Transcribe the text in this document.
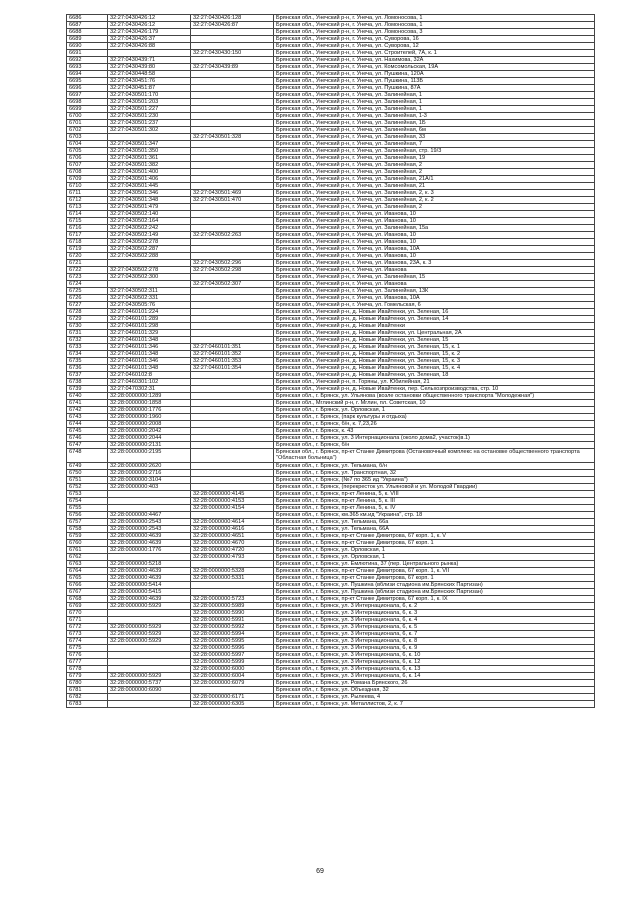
6686	32:27:0430426:12	32:27:0430426:128	Брянская обл., Унечский р-н, г. Унеча, ул. Ломоносова, 1
6687	32:27:0430426:12	32:27:0430426:87	Брянская обл., Унечский р-н, г. Унеча, ул. Ломоносова, 1
6688	32:27:0430426:179		Брянская обл., Унечский р-н, г. Унеча, ул. Ломоносова, 3
6689	32:27:0430426:37		Брянская обл., Унечский р-н, г. Унеча, ул. Суворова, 16
6690	32:27:0430426:88		Брянская обл., Унечский р-н, г. Унеча, ул. Суворова, 12
6691		32:27:0430430:150	Брянская обл., Унечский р-н, г. Унеча, ул. Строителей, 7А, к. 1
6692	32:27:0430439:71		Брянская обл., Унечский р-н, г. Унеча, ул. Нахимова, 32А
6693	32:27:0430439:80	32:27:0430439:89	Брянская обл., Унечский р-н, г. Унеча, ул. Комсомольская, 19А
6694	32:27:0430448:58		Брянская обл., Унечский р-н, г. Унеча, ул. Пушкина, 120А
6695	32:27:0430451:76		Брянская обл., Унечский р-н, г. Унеча, ул. Пушкина, 113Б
6696	32:27:0430451:87		Брянская обл., Унечский р-н, г. Унеча, ул. Пушкина, 87А
6697	32:27:0430501:170		Брянская обл., Унечский р-н, г. Унеча, ул. Залинейная, 1
6698	32:27:0430501:203		Брянская обл., Унечский р-н, г. Унеча, ул. Залинейная, 1
6699	32:27:0430501:227		Брянская обл., Унечский р-н, г. Унеча, ул. Залинейная, 1
6700	32:27:0430501:230		Брянская обл., Унечский р-н, г. Унеча, ул. Залинейная, 1-3
6701	32:27:0430501:237		Брянская обл., Унечский р-н, г. Унеча, ул. Залинейная, 1Б
6702	32:27:0430501:302		Брянская обл., Унечский р-н, г. Унеча, ул. Залинейная, 6м
6703		32:27:0430501:328	Брянская обл., Унечский р-н, г. Унеча, ул. Залинейная, 33
6704	32:27:0430501:347		Брянская обл., Унечский р-н, г. Унеча, ул. Залинейная, 7
6705	32:27:0430501:350		Брянская обл., Унечский р-н, г. Унеча, ул. Залинейная, стр. 19/3
6706	32:27:0430501:361		Брянская обл., Унечский р-н, г. Унеча, ул. Залинейная, 19
6707	32:27:0430501:382		Брянская обл., Унечский р-н, г. Унеча, ул. Залинейная, 2
6708	32:27:0430501:400		Брянская обл., Унечский р-н, г. Унеча, ул. Залинейная, 2
6709	32:27:0430501:406		Брянская обл., Унечский р-н, г. Унеча, ул. Залинейная, 21А/1
6710	32:27:0430501:445		Брянская обл., Унечский р-н, г. Унеча, ул. Залинейная, 21
6711	32:27:0430501:346	32:27:0430501:469	Брянская обл., Унечский р-н, г. Унеча, ул. Залинейная, 2, к. 3
6712	32:27:0430501:348	32:27:0430501:470	Брянская обл., Унечский р-н, г. Унеча, ул. Залинейная, 2, к. 2
6713	32:27:0430501:479		Брянская обл., Унечский р-н, г. Унеча, ул. Залинейная, 2
6714	32:27:0430502:140		Брянская обл., Унечский р-н, г. Унеча, ул. Иванова, 10
6715	32:27:0430502:164		Брянская обл., Унечский р-н, г. Унеча, ул. Иванова, 10
6716	32:27:0430502:242		Брянская обл., Унечский р-н, г. Унеча, ул. Залинейная, 15а
6717	32:27:0430502:149	32:27:0430502:263	Брянская обл., Унечский р-н, г. Унеча, ул. Иванова, 10
6718	32:27:0430502:278		Брянская обл., Унечский р-н, г. Унеча, ул. Иванова, 10
6719	32:27:0430502:287		Брянская обл., Унечский р-н, г. Унеча, ул. Иванова, 10А
6720	32:27:0430502:288		Брянская обл., Унечский р-н, г. Унеча, ул. Иванова, 10
6721		32:27:0430502:296	Брянская обл., Унечский р-н, г. Унеча, ул. Иванова, 23А, к. 3
6722	32:27:0430502:278	32:27:0430502:298	Брянская обл., Унечский р-н, г. Унеча, ул. Иванова
6723	32:27:0430502:300		Брянская обл., Унечский р-н, г. Унеча, ул. Залинейная, 15
6724		32:27:0430502:307	Брянская обл., Унечский р-н, г. Унеча, ул. Иванова
6725	32:27:0430502:311		Брянская обл., Унечский р-н, г. Унеча, ул. Залинейная, 13К
6726	32:27:0430502:331		Брянская обл., Унечский р-н, г. Унеча, ул. Иванова, 10А
6727	32:27:0430505:76		Брянская обл., Унечский р-н, г. Унеча, ул. Гомельская, 6
6728	32:27:0460101:224		Брянская обл., Унечский р-н, д. Новые Ивайтенки, ул. Зеленая, 16
6729	32:27:0460101:289		Брянская обл., Унечский р-н, д. Новые Ивайтенки, ул. Зеленая, 14
6730	32:27:0460101:298		Брянская обл., Унечский р-н, д. Новые Ивайтенки
6731	32:27:0460101:329		Брянская обл., Унечский р-н, д. Новые Ивайтенки, ул. Центральная, 2А
6732	32:27:0460101:348		Брянская обл., Унечский р-н, д. Новые Ивайтенки, ул. Зеленая, 15
6733	32:27:0460101:346	32:27:0460101:351	Брянская обл., Унечский р-н, д. Новые Ивайтенки, ул. Зеленая, 15, к. 1
6734	32:27:0460101:348	32:27:0460101:352	Брянская обл., Унечский р-н, д. Новые Ивайтенки, ул. Зеленая, 15, к. 2
6735	32:27:0460101:346	32:27:0460101:353	Брянская обл., Унечский р-н, д. Новые Ивайтенки, ул. Зеленая, 15, к. 3
6736	32:27:0460101:348	32:27:0460101:354	Брянская обл., Унечский р-н, д. Новые Ивайтенки, ул. Зеленая, 15, к. 4
6737	32:27:0460102:8		Брянская обл., Унечский р-н, д. Новые Ивайтенки, ул. Зеленая, 18
6738	32:27:0460301:102		Брянская обл., Унечский р-н, п. Горяны, ул. Юбилейная, 21
6739	32:27:0470302:31		Брянская обл., Унечский р-н, д. Новые Ивайтенки, пер. Сельхозпроизводства, стр. 10
6740	32:28:0000000:1289		Брянская обл., г. Брянск, ул. Ульянова (возле остановки общественного транспорта "Молодежная")
6741	32:28:0000000:1858		Брянская обл., Мглинский р-н, г. Мглин, пл. Советская, 10
6742	32:28:0000000:1776		Брянская обл., г. Брянск, ул. Орловская, 1
6743	32:28:0000000:1960		Брянская обл., г. Брянск, (парк культуры и отдыха)
6744	32:28:0000000:2008		Брянская обл., г. Брянск, б/н, к. 7,23,26
6745	32:28:0000000:2042		Брянская обл., г. Брянск, к. 43
6746	32:28:0000000:2044		Брянская обл., г. Брянск, ул. 3 Интернационала (около дома2, участок)в.1)
6747	32:28:0000000:2131		Брянская обл., г. Брянск, б/н
6748	32:28:0000000:2195		Брянская обл., г. Брянск, пр-кт Станке Димитрова (Остановочный комплекс на остановке общественного транспорта "Областная больница")
6749	32:28:0000000:2620		Брянская обл., г. Брянск, ул. Тельмана, б/н
6750	32:28:0000000:2716		Брянская обл., г. Брянск, ул. Транспортная, 32
6751	32:28:0000000:3104		Брянская обл., г. Брянск, (№7 по 365 ид "Украина")
6752	32:28:0000000:403		Брянская обл., г. Брянск, (перекресток ул. Ульяновой и ул. Молодой Гвардии)
6753		32:28:0000000:4145	Брянская обл., г. Брянск, пр-кт Ленина, 5, к. VIII
6754		32:28:0000000:4153	Брянская обл., г. Брянск, пр-кт Ленина, 5, к. III
6755		32:28:0000000:4154	Брянская обл., г. Брянск, пр-кт Ленина, 5, к. IV
6756	32:28:0000000:4467		Брянская обл., г. Брянск, км.365 км.ид "Украина", стр. 18
6757	32:28:0000000:2543	32:28:0000000:4614	Брянская обл., г. Брянск, ул. Тельмана, 66а
6758	32:28:0000000:2543	32:28:0000000:4616	Брянская обл., г. Брянск, ул. Тельмана, 66А
6759	32:28:0000000:4639	32:28:0000000:4651	Брянская обл., г. Брянск, пр-кт Станке Димитрова, 67 корп. 1, к. V
6760	32:28:0000000:4639	32:28:0000000:4670	Брянская обл., г. Брянск, пр-кт Станке Димитрова, 67 корп. 1
6761	32:28:0000000:1776	32:28:0000000:4720	Брянская обл., г. Брянск, ул. Орловская, 1
6762		32:28:0000000:4793	Брянская обл., г. Брянск, ул. Орловская, 1
6763	32:28:0000000:5218		Брянская обл., г. Брянск, ул. Емлютина, 37 (пер. Центрального рынка)
6764	32:28:0000000:4639	32:28:0000000:5328	Брянская обл., г. Брянск, пр-кт Станке Димитрова, 67 корп. 1, к. VII
6765	32:28:0000000:4639	32:28:0000000:5331	Брянская обл., г. Брянск, пр-кт Станке Димитрова, 67 корп. 1
6766	32:28:0000000:5414		Брянская обл., г. Брянск, ул. Пушкина (вблизи стадиона им.Брянских Партизан)
6767	32:28:0000000:5415		Брянская обл., г. Брянск, ул. Пушкина (вблизи стадиона им.Брянских Партизан)
6768	32:28:0000000:4639	32:28:0000000:5723	Брянская обл., г. Брянск, пр-кт Станке Димитрова, 67 корп. 1, к. IX
6769	32:28:0000000:5929	32:28:0000000:5989	Брянская обл., г. Брянск, ул. 3 Интернационала, 6, к. 2
6770		32:28:0000000:5990	Брянская обл., г. Брянск, ул. 3 Интернационала, 6, к. 3
6771		32:28:0000000:5991	Брянская обл., г. Брянск, ул. 3 Интернационала, 6, к. 4
6772	32:28:0000000:5929	32:28:0000000:5992	Брянская обл., г. Брянск, ул. 3 Интернационала, 6, к. 5
6773	32:28:0000000:5929	32:28:0000000:5994	Брянская обл., г. Брянск, ул. 3 Интернационала, 6, к. 7
6774	32:28:0000000:5929	32:28:0000000:5995	Брянская обл., г. Брянск, ул. 3 Интернационала, 6, к. 8
6775		32:28:0000000:5996	Брянская обл., г. Брянск, ул. 3 Интернационала, 6, к. 9
6776		32:28:0000000:5997	Брянская обл., г. Брянск, ул. 3 Интернационала, 6, к. 10
6777		32:28:0000000:5999	Брянская обл., г. Брянск, ул. 3 Интернационала, 6, к. 12
6778		32:28:0000000:6000	Брянская обл., г. Брянск, ул. 3 Интернационала, 6, к. 13
6779	32:28:0000000:5929	32:28:0000000:6004	Брянская обл., г. Брянск, ул. 3 Интернационала, 6, к. 14
6780	32:28:0000000:5737	32:28:0000000:6079	Брянская обл., г. Брянск, ул. Романа Брянского, 26
6781	32:28:0000000:6090		Брянская обл., г. Брянск, ул. Объездная, 32
6782		32:28:0000000:6171	Брянская обл., г. Брянск, ул. Рылеева, 4
6783		32:28:0000000:6305	Брянская обл., г. Брянск, ул. Металлистов, 2, к. 7
69
